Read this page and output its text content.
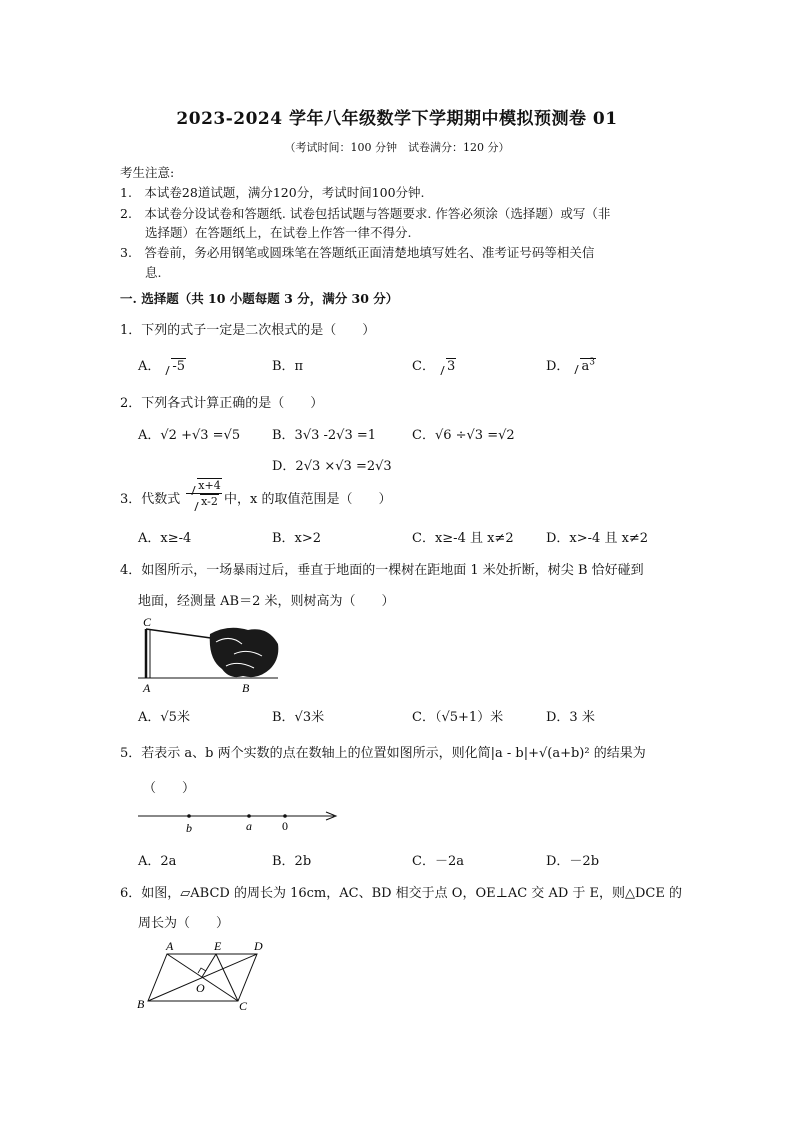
2023-2024 学年八年级数学下学期期中模拟预测卷 01
（考试时间：100 分钟　试卷满分：120 分）
考生注意:
1.　本试卷28道试题，满分120分，考试时间100分钟.
2.　本试卷分设试卷和答题纸. 试卷包括试题与答题要求. 作答必须涂（选择题）或写（非
　　选择题）在答题纸上，在试卷上作答一律不得分.
3.　答卷前，务必用钢笔或圆珠笔在答题纸正面清楚地填写姓名、准考证号码等相关信
　　息.
一. 选择题（共 10 小题每题 3 分，满分 30 分）
1．下列的式子一定是二次根式的是（　　）
A． -5	B．π	C． 3	D． $a^3$
2．下列各式计算正确的是（　　）
A．√2 +√3 =√5 B．3√3 -2√3 =1	C．√6 ÷√3 =√2
D．2√3 ×√3 =2√3
3．代数式
x+4
x-2 中，x 的取值范围是（　　）
A．x≥-4	B．x>2	C．x≥-4 且 x≠2 D．x>-4 且 x≠2
4．如图所示，一场暴雨过后，垂直于地面的一棵树在距地面 1 米处折断，树尖 B 恰好碰到
地面，经测量 AB＝2 米，则树高为（　　）
C
A	B
A．√5米	B．√3米	C．（√5+1）米	D．3 米
5．若表示 a、b 两个实数的点在数轴上的位置如图所示，则化简|a - b|+√(a+b)² 的结果为
（　　）
b	a	0
A．2a	B．2b	C．－2a	D．－2b
6．如图，▱ABCD 的周长为 16cm，AC、BD 相交于点 O，OE⊥AC 交 AD 于 E，则△DCE 的
周长为（　　）
A	E	D
O
B	C
